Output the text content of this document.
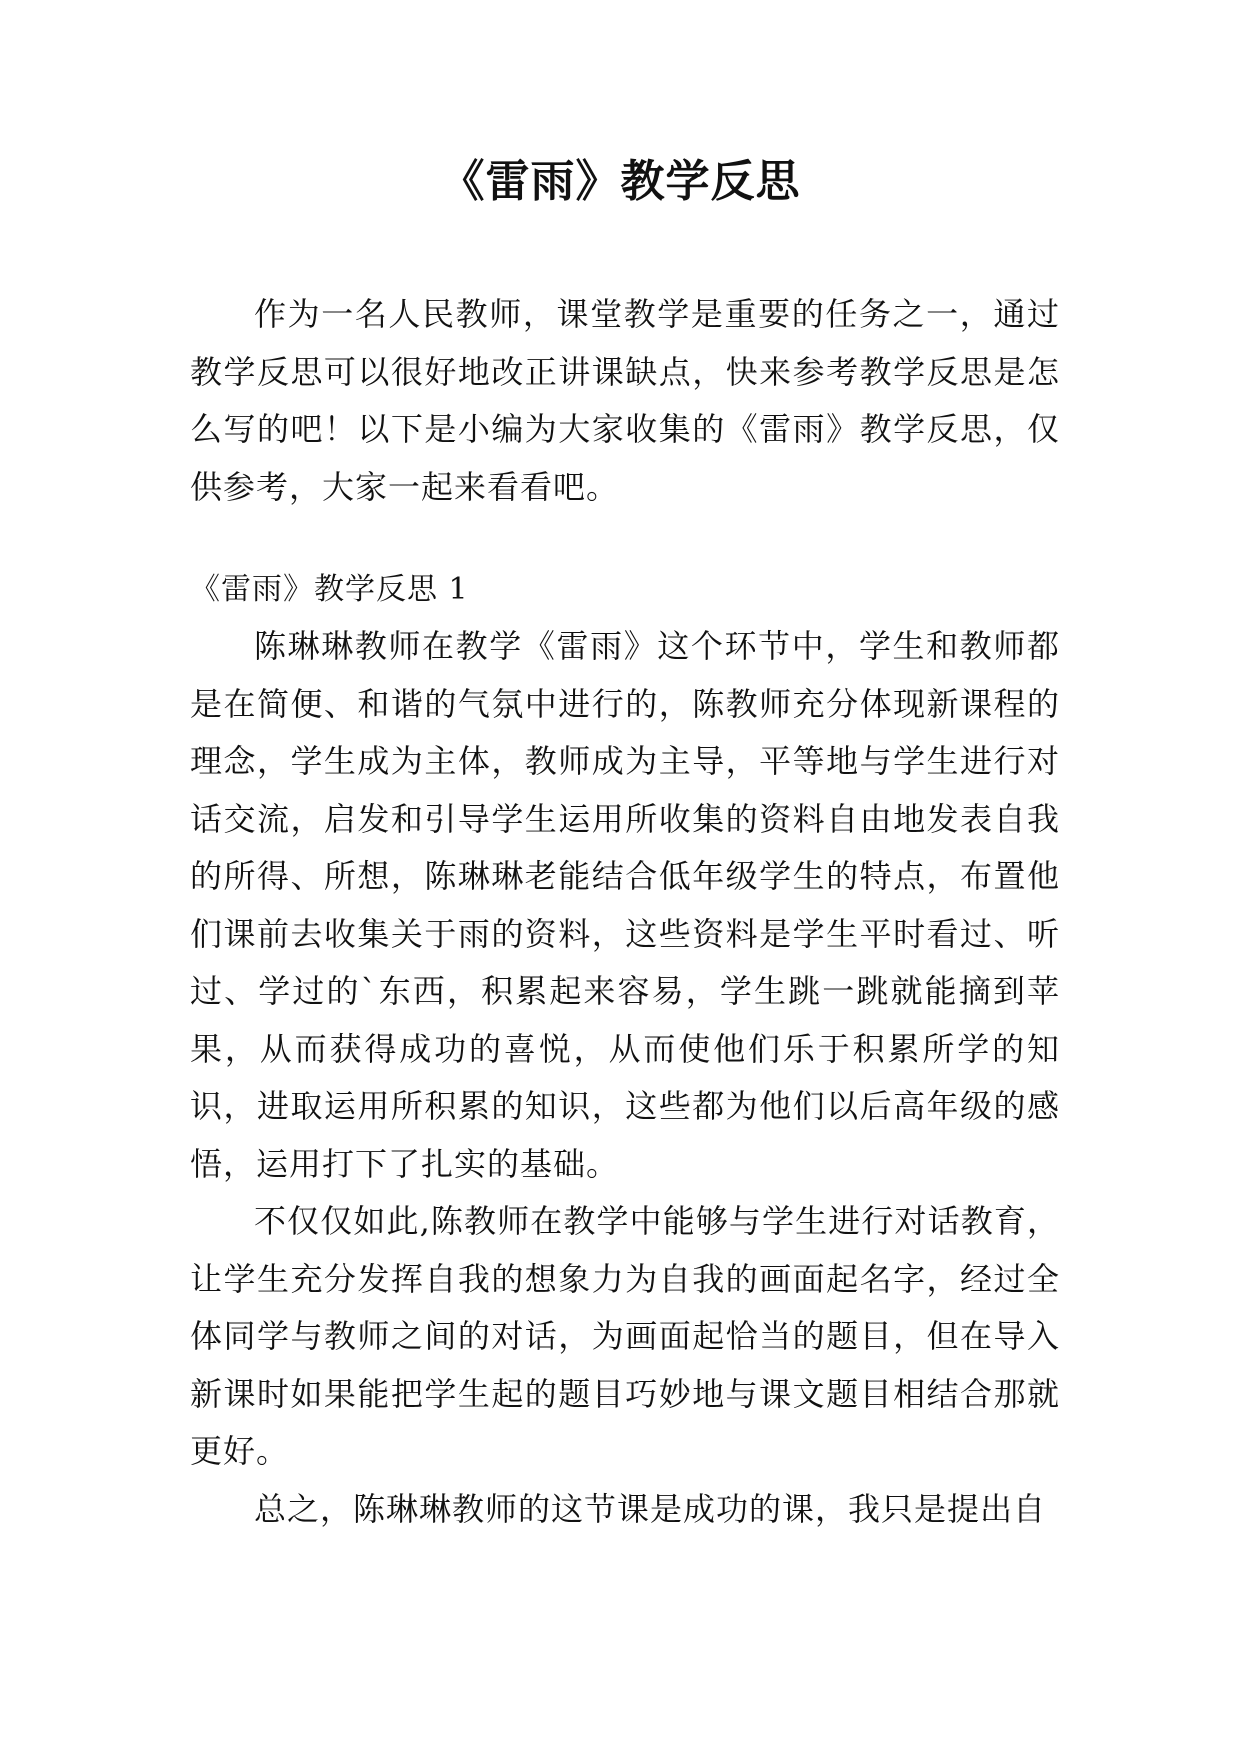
《雷雨》教学反思

作为一名人民教师，课堂教学是重要的任务之一，通过教学反思可以很好地改正讲课缺点，快来参考教学反思是怎么写的吧！以下是小编为大家收集的《雷雨》教学反思，仅供参考，大家一起来看看吧。

《雷雨》教学反思 1

陈琳琳教师在教学《雷雨》这个环节中，学生和教师都是在简便、和谐的气氛中进行的，陈教师充分体现新课程的理念，学生成为主体，教师成为主导，平等地与学生进行对话交流，启发和引导学生运用所收集的资料自由地发表自我的所得、所想，陈琳琳老能结合低年级学生的特点，布置他们课前去收集关于雨的资料，这些资料是学生平时看过、听过、学过的`东西，积累起来容易，学生跳一跳就能摘到苹果，从而获得成功的喜悦，从而使他们乐于积累所学的知识，进取运用所积累的知识，这些都为他们以后高年级的感悟，运用打下了扎实的基础。

不仅仅如此,陈教师在教学中能够与学生进行对话教育，让学生充分发挥自我的想象力为自我的画面起名字，经过全体同学与教师之间的对话，为画面起恰当的题目，但在导入新课时如果能把学生起的题目巧妙地与课文题目相结合那就更好。

总之，陈琳琳教师的这节课是成功的课，我只是提出自
